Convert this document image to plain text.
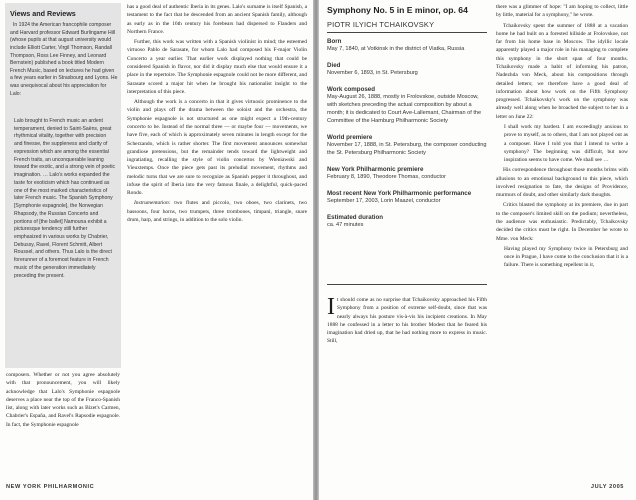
Views and Reviews

In 1924 the American francophile composer and Harvard professor Edward Burlingame Hill (whose pupils at that august university would include Elliott Carter, Virgil Thomson, Randall Thompson, Ross Lee Finney, and Leonard Bernstein) published a book titled Modern French Music, based on lectures he had given a few years earlier in Strasbourg and Lyons. He was unequivocal about his appreciation for Lalo:

Lalo brought to French music an ardent temperament, denied to Saint-Saëns, great rhythmical vitality, together with precision and finesse, the suppleness and clarity of expression which are among the essential French traits, an unconquerable leaning toward the exotic, and a strong vein of poetic imagination. … Lalo's works expanded the taste for exoticism which has continued as one of the most marked characteristics of later French music. The Spanish Symphony [Symphonie espagnole], the Norwegian Rhapsody, the Russian Concerto and portions of [the ballet] Namouna exhibit a picturesque tendency still further emphasized in various works by Chabrier, Debussy, Ravel, Florent Schmitt, Albert Roussel, and others. Thus Lalo is the direct forerunner of a foremost feature in French music of the generation immediately preceding the present.

composers. Whether or not you agree absolutely with that pronouncement, you will likely acknowledge that Lalo's Symphonie espagnole deserves a place near the top of the Franco-Spanish list, along with later works such as Bizet's Carmen, Chabrier's España, and Ravel's Rapsodie espagnole. In fact, the Symphonie espagnole

has a good deal of authentic Iberia in its genes. Lalo's surname is itself Spanish, a testament to the fact that he descended from an ancient Spanish family, although as early as in the 16th century his forebears had dispersed to Flanders and Northern France.

Further, this work was written with a Spanish violinist in mind; the esteemed virtuoso Pablo de Sarasate, for whom Lalo had composed his F-major Violin Concerto a year earlier. That earlier work displayed nothing that could be considered Spanish in flavor, nor did it display much else that would ensure it a place in the repertoire. The Symphonie espagnole could not be more different, and Sarasate scored a major hit when he brought his nationalist insight to the interpretation of this piece.

Although the work is a concerto in that it gives virtuosic prominence to the violin and plays off the drama between the soloist and the orchestra, the Symphonie espagnole is not structured as one might expect a 19th-century concerto to be. Instead of the normal three — or maybe four — movements, we have five, each of which is approximately seven minutes in length except for the Scherzando, which is rather shorter. The first movement announces somewhat grandiose pretensions, but the remainder tends toward the lightweight and ingratiating, recalling the style of violin concertos by Wieniawski and Vieuxtemps. Once the piece gets past its preludial movement, rhythms and melodic turns that we are sure to recognize as Spanish pepper it throughout, and infuse the spirit of Iberia into the very famous finale, a delightful, quick-paced Rondo.

Instrumentation: two flutes and piccolo, two oboes, two clarinets, two bassoons, four horns, two trumpets, three trombones, timpani, triangle, snare drum, harp, and strings, in addition to the solo violin.

NEW YORK PHILHARMONIC
Symphony No. 5 in E minor, op. 64
PIOTR ILYICH TCHAIKOVSKY
Born
May 7, 1840, at Votkinsk in the district of Viatka, Russia
Died
November 6, 1893, in St. Petersburg
Work composed
May-August 26, 1888, mostly in Frolovskoe, outside Moscow, with sketches preceding the actual composition by about a month; it is dedicated to Court Ave-Lallemant, Chairman of the Committee of the Hamburg Philharmonic Society
World premiere
November 17, 1888, in St. Petersburg, the composer conducting the St. Petersburg Philharmonic Society
New York Philharmonic premiere
February 8, 1890, Theodore Thomas, conductor
Most recent New York Philharmonic performance
September 17, 2003, Lorin Maazel, conductor
Estimated duration
ca. 47 minutes

It should come as no surprise that Tchaikovsky approached his Fifth Symphony from a position of extreme self-doubt, since that was nearly always his posture vis-à-vis his incipient creations. In May 1888 he confessed in a letter to his brother Modest that he feared his imagination had dried up, that he had nothing more to express in music. Still,

there was a glimmer of hope: "I am hoping to collect, little by little, material for a symphony," he wrote.

Tchaikovsky spent the summer of 1888 at a vacation home he had built on a forested hillside at Frolovskoe, not far from his home base in Moscow. The idyllic locale apparently played a major role in his managing to complete this symphony in the short span of four months. Tchaikovsky made a habit of informing his patron, Nadezhda von Meck, about his compositions through detailed letters; we therefore have a good deal of information about how work on the Fifth Symphony progressed. Tchaikovsky's work on the symphony was already well along when he broached the subject to her in a letter on June 22:

I shall work my hardest. I am exceedingly anxious to prove to myself, as to others, that I am not played out as a composer. Have I told you that I intend to write a symphony? The beginning was difficult, but now inspiration seems to have come. We shall see …

His correspondence throughout those months brims with allusions to an emotional background to this piece, which involved resignation to fate, the designs of Providence, murmurs of doubt, and other similarly dark thoughts.

Critics blasted the symphony at its premiere, due in part to the composer's limited skill on the podium; nevertheless, the audience was enthusiastic. Predictably, Tchaikovsky decided the critics must be right. In December he wrote to Mme. von Meck:

Having played my Symphony twice in Petersburg and once in Prague, I have come to the conclusion that it is a failure. There is something repellent in it,

JULY 2005
